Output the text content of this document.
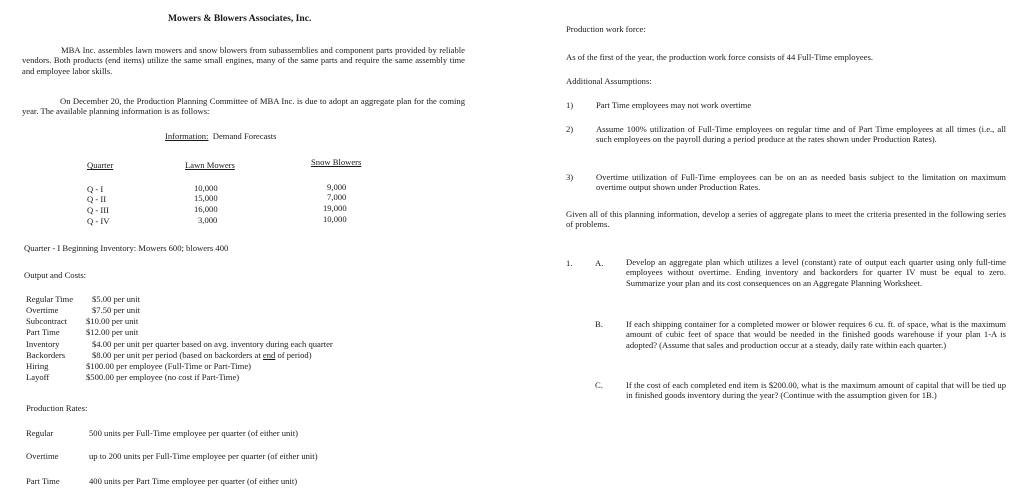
Mowers & Blowers Associates, Inc.
MBA Inc. assembles lawn mowers and snow blowers from subassemblies and component parts provided by reliable vendors. Both products (end items) utilize the same small engines, many of the same parts and require the same assembly time and employee labor skills.
On December 20, the Production Planning Committee of MBA Inc. is due to adopt an aggregate plan for the coming year. The available planning information is as follows:
Information: Demand Forecasts
Quarter	Lawn Mowers	Snow Blowers
Q - I	10,000	9,000
Q - II	15,000	7,000
Q - III	16,000	19,000
Q - IV	3,000	10,000
Quarter - I Beginning Inventory: Mowers 600; blowers 400
Output and Costs:
Regular Time $5.00 per unit
Overtime	$7.50 per unit
Subcontract $10.00 per unit
Part Time	$12.00 per unit
Inventory	$4.00 per unit per quarter based on avg. inventory during each quarter
Backorders	$8.00 per unit per period (based on backorders at end of period)
Hiring	$100.00 per employee (Full-Time or Part-Time)
Layoff	$500.00 per employee (no cost if Part-Time)
Production Rates:
Regular	500 units per Full-Time employee per quarter (of either unit)
Overtime	up to 200 units per Full-Time employee per quarter (of either unit)
Part Time	400 units per Part Time employee per quarter (of either unit)
Production work force:
As of the first of the year, the production work force consists of 44 Full-Time employees.
Additional Assumptions:
1)	Part Time employees may not work overtime
2)	Assume 100% utilization of Full-Time employees on regular time and of Part Time employees at all times (i.e., all such employees on the payroll during a period produce at the rates shown under Production Rates).
3)	Overtime utilization of Full-Time employees can be on an as needed basis subject to the limitation on maximum overtime output shown under Production Rates.
Given all of this planning information, develop a series of aggregate plans to meet the criteria presented in the following series of problems.
1.	A.	Develop an aggregate plan which utilizes a level (constant) rate of output each quarter using only full-time employees without overtime. Ending inventory and backorders for quarter IV must be equal to zero. Summarize your plan and its cost consequences on an Aggregate Planning Worksheet.
B.	If each shipping container for a completed mower or blower requires 6 cu. ft. of space, what is the maximum amount of cubic feet of space that would be needed in the finished goods warehouse if your plan 1-A is adopted? (Assume that sales and production occur at a steady, daily rate within each quarter.)
C.	If the cost of each completed end item is $200.00, what is the maximum amount of capital that will be tied up in finished goods inventory during the year? (Continue with the assumption given for 1B.)
